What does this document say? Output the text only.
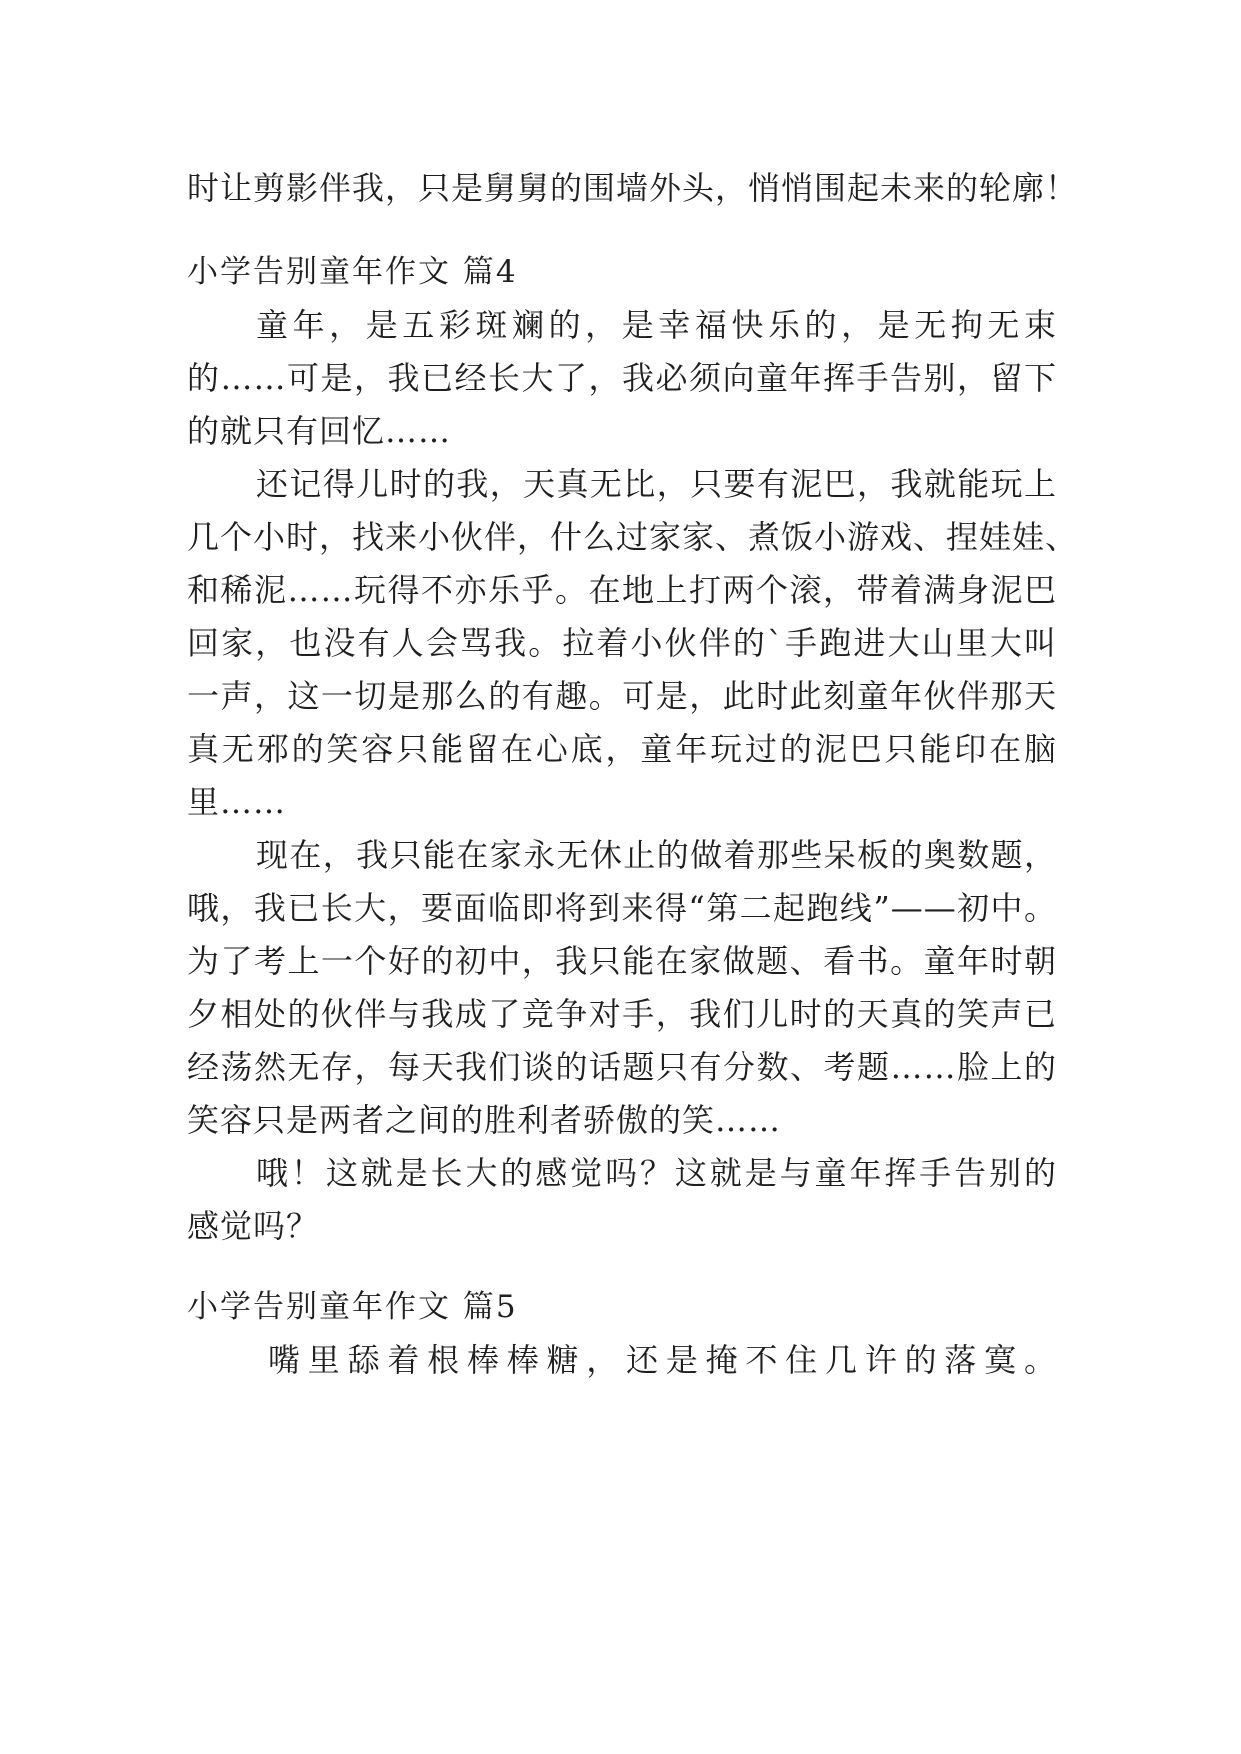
时让剪影伴我，只是舅舅的围墙外头，悄悄围起未来的轮廓！

小学告别童年作文 篇4

童年，是五彩斑斓的，是幸福快乐的，是无拘无束

的……可是，我已经长大了，我必须向童年挥手告别，留下

的就只有回忆……

还记得儿时的我，天真无比，只要有泥巴，我就能玩上

几个小时，找来小伙伴，什么过家家、煮饭小游戏、捏娃娃、

和稀泥……玩得不亦乐乎。在地上打两个滚，带着满身泥巴

回家，也没有人会骂我。拉着小伙伴的`手跑进大山里大叫

一声，这一切是那么的有趣。可是，此时此刻童年伙伴那天

真无邪的笑容只能留在心底，童年玩过的泥巴只能印在脑

里……

现在，我只能在家永无休止的做着那些呆板的奥数题，

哦，我已长大，要面临即将到来得“第二起跑线”——初中。

为了考上一个好的初中，我只能在家做题、看书。童年时朝

夕相处的伙伴与我成了竞争对手，我们儿时的天真的笑声已

经荡然无存，每天我们谈的话题只有分数、考题……脸上的

笑容只是两者之间的胜利者骄傲的笑……

哦！这就是长大的感觉吗？这就是与童年挥手告别的

感觉吗？

小学告别童年作文 篇5

嘴里舔着根棒棒糖，还是掩不住几许的落寞。
